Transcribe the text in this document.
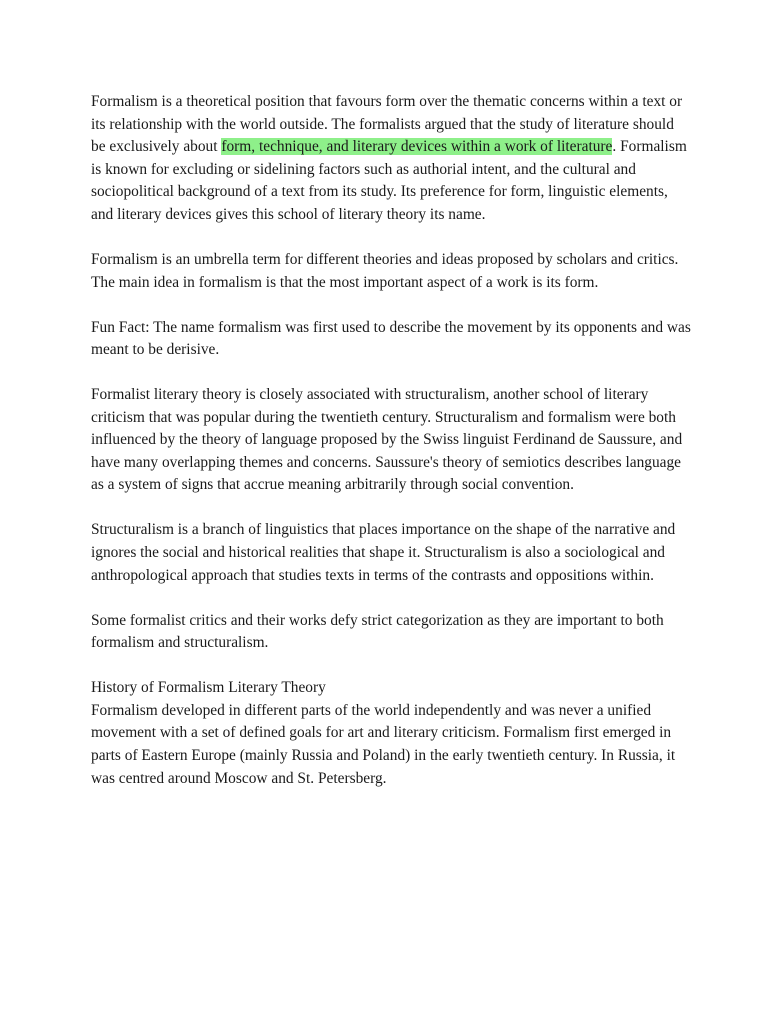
Formalism is a theoretical position that favours form over the thematic concerns within a text or its relationship with the world outside. The formalists argued that the study of literature should be exclusively about form, technique, and literary devices within a work of literature. Formalism is known for excluding or sidelining factors such as authorial intent, and the cultural and sociopolitical background of a text from its study. Its preference for form, linguistic elements, and literary devices gives this school of literary theory its name.

Formalism is an umbrella term for different theories and ideas proposed by scholars and critics. The main idea in formalism is that the most important aspect of a work is its form.

Fun Fact: The name formalism was first used to describe the movement by its opponents and was meant to be derisive.

Formalist literary theory is closely associated with structuralism, another school of literary criticism that was popular during the twentieth century. Structuralism and formalism were both influenced by the theory of language proposed by the Swiss linguist Ferdinand de Saussure, and have many overlapping themes and concerns. Saussure's theory of semiotics describes language as a system of signs that accrue meaning arbitrarily through social convention.

Structuralism is a branch of linguistics that places importance on the shape of the narrative and ignores the social and historical realities that shape it. Structuralism is also a sociological and anthropological approach that studies texts in terms of the contrasts and oppositions within.

Some formalist critics and their works defy strict categorization as they are important to both formalism and structuralism.

History of Formalism Literary Theory

Formalism developed in different parts of the world independently and was never a unified movement with a set of defined goals for art and literary criticism. Formalism first emerged in parts of Eastern Europe (mainly Russia and Poland) in the early twentieth century. In Russia, it was centred around Moscow and St. Petersberg.
